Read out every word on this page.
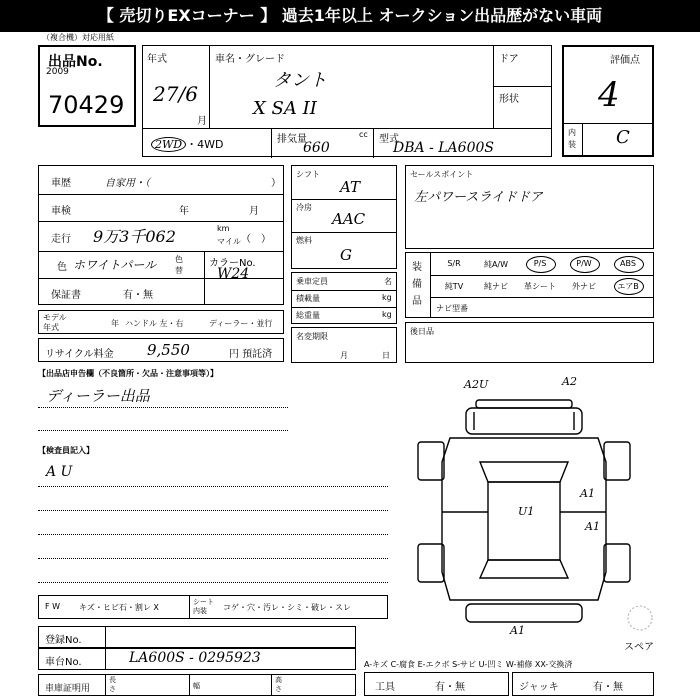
【 売切りEXコーナー 】 過去1年以上 オークション出品歴がない車両
（複合機）対応用紙
出品No.
2009
70429
年式
27/6
月
車名・グレード
タント
X SA II
ドア
形状
2WD ・4WD	排気量	cc
660
型式
DBA - LA600S
評価点
4
内装 C
車歴	自家用・（	）
車検	年	月
走行 9万3千062	km
マイル （　）
色 ホワイトパール 色替
カラーNo.
W24
保証書	有・無
モデル年式	年 ハンドル 左・右	ディーラー・並行
リサイクル料金 9,550	円 預託済
シフト
AT
冷房
AAC
燃料
G
乗車定員	名
積載量	kg
総重量	kg
名変期限
月	日
セールスポイント
左パワースライドドア
装備品
S/R	純A/W	P/S	P/W	ABS
純TV	純ナビ	革シート	外ナビ	エアB
ナビ型番
後日品
【出品店申告欄（不良箇所・欠品・注意事項等）】
ディーラー出品
【検査員記入】
A U
A2U	A2
U1
A1
A1
A1
スペア
F W キズ・ヒビ石・割レ X
シート内装	コゲ・穴・汚レ・シミ・破レ・スレ
登録No.
車台No.	LA600S - 0295923	A-キズ C-腐食 E-エクボ S-サビ U-凹ミ W-補修 XX-交換済
車庫証明用
長さ	幅
高さ	工具	有・無	ジャッキ	有・無
